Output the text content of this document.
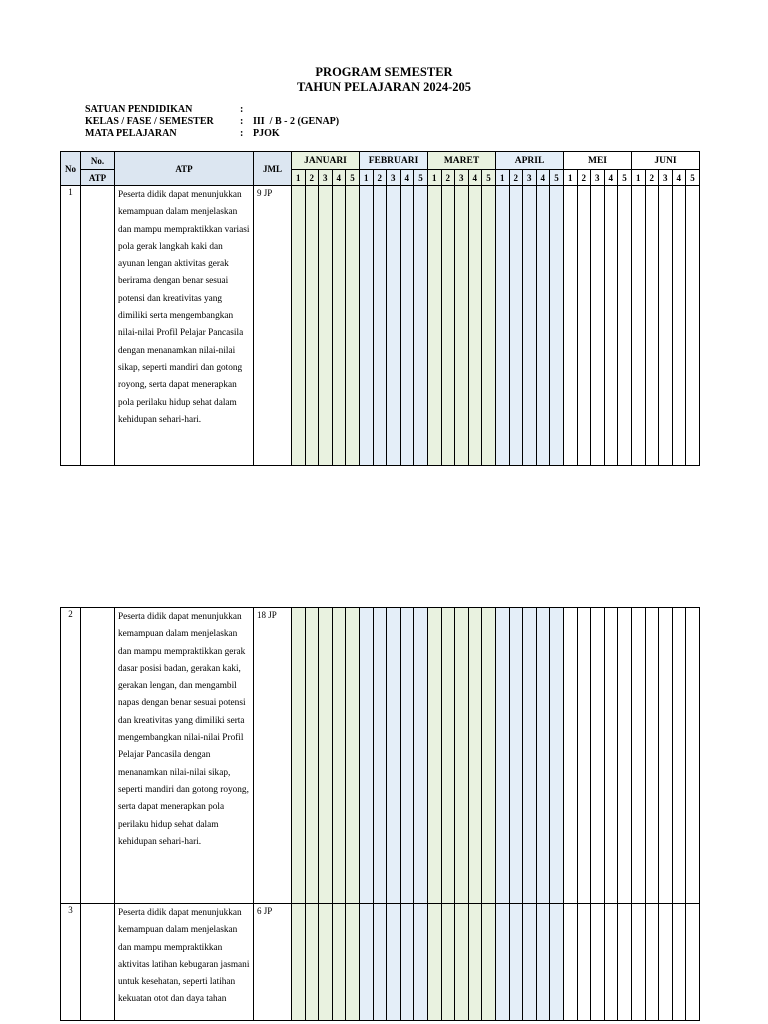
PROGRAM SEMESTER
TAHUN PELAJARAN 2024-205
SATUAN PENDIDIKAN	:
KELAS / FASE / SEMESTER	: III  / B - 2 (GENAP)
MATA PELAJARAN	: PJOK
No	No.	ATP	JML	JANUARI					FEBRUARI					MARET					APRIL					MEI					JUNI				
	ATP			1	2	3	4	5	1	2	3	4	5	1	2	3	4	5	1	2	3	4	5	1	2	3	4	5	1	2	3	4	5
1		Peserta didik dapat menunjukkan kemampuan dalam menjelaskan dan mampu mempraktikkan variasi pola gerak langkah kaki dan ayunan lengan aktivitas gerak berirama dengan benar sesuai potensi dan kreativitas yang dimiliki serta mengembangkan nilai-nilai Profil Pelajar Pancasila dengan menanamkan nilai-nilai sikap, seperti mandiri dan gotong royong, serta dapat menerapkan pola perilaku hidup sehat dalam kehidupan sehari-hari.	9 JP																														
2		Peserta didik dapat menunjukkan kemampuan dalam menjelaskan dan mampu mempraktikkan gerak dasar posisi badan, gerakan kaki, gerakan lengan, dan mengambil napas dengan benar sesuai potensi dan kreativitas yang dimiliki serta mengembangkan nilai-nilai Profil Pelajar Pancasila dengan menanamkan nilai-nilai sikap, seperti mandiri dan gotong royong, serta dapat menerapkan pola perilaku hidup sehat dalam kehidupan sehari-hari.	18 JP																														
3		Peserta didik dapat menunjukkan kemampuan dalam menjelaskan dan mampu mempraktikkan aktivitas latihan kebugaran jasmani untuk kesehatan, seperti latihan kekuatan otot dan daya tahan	6 JP																														
